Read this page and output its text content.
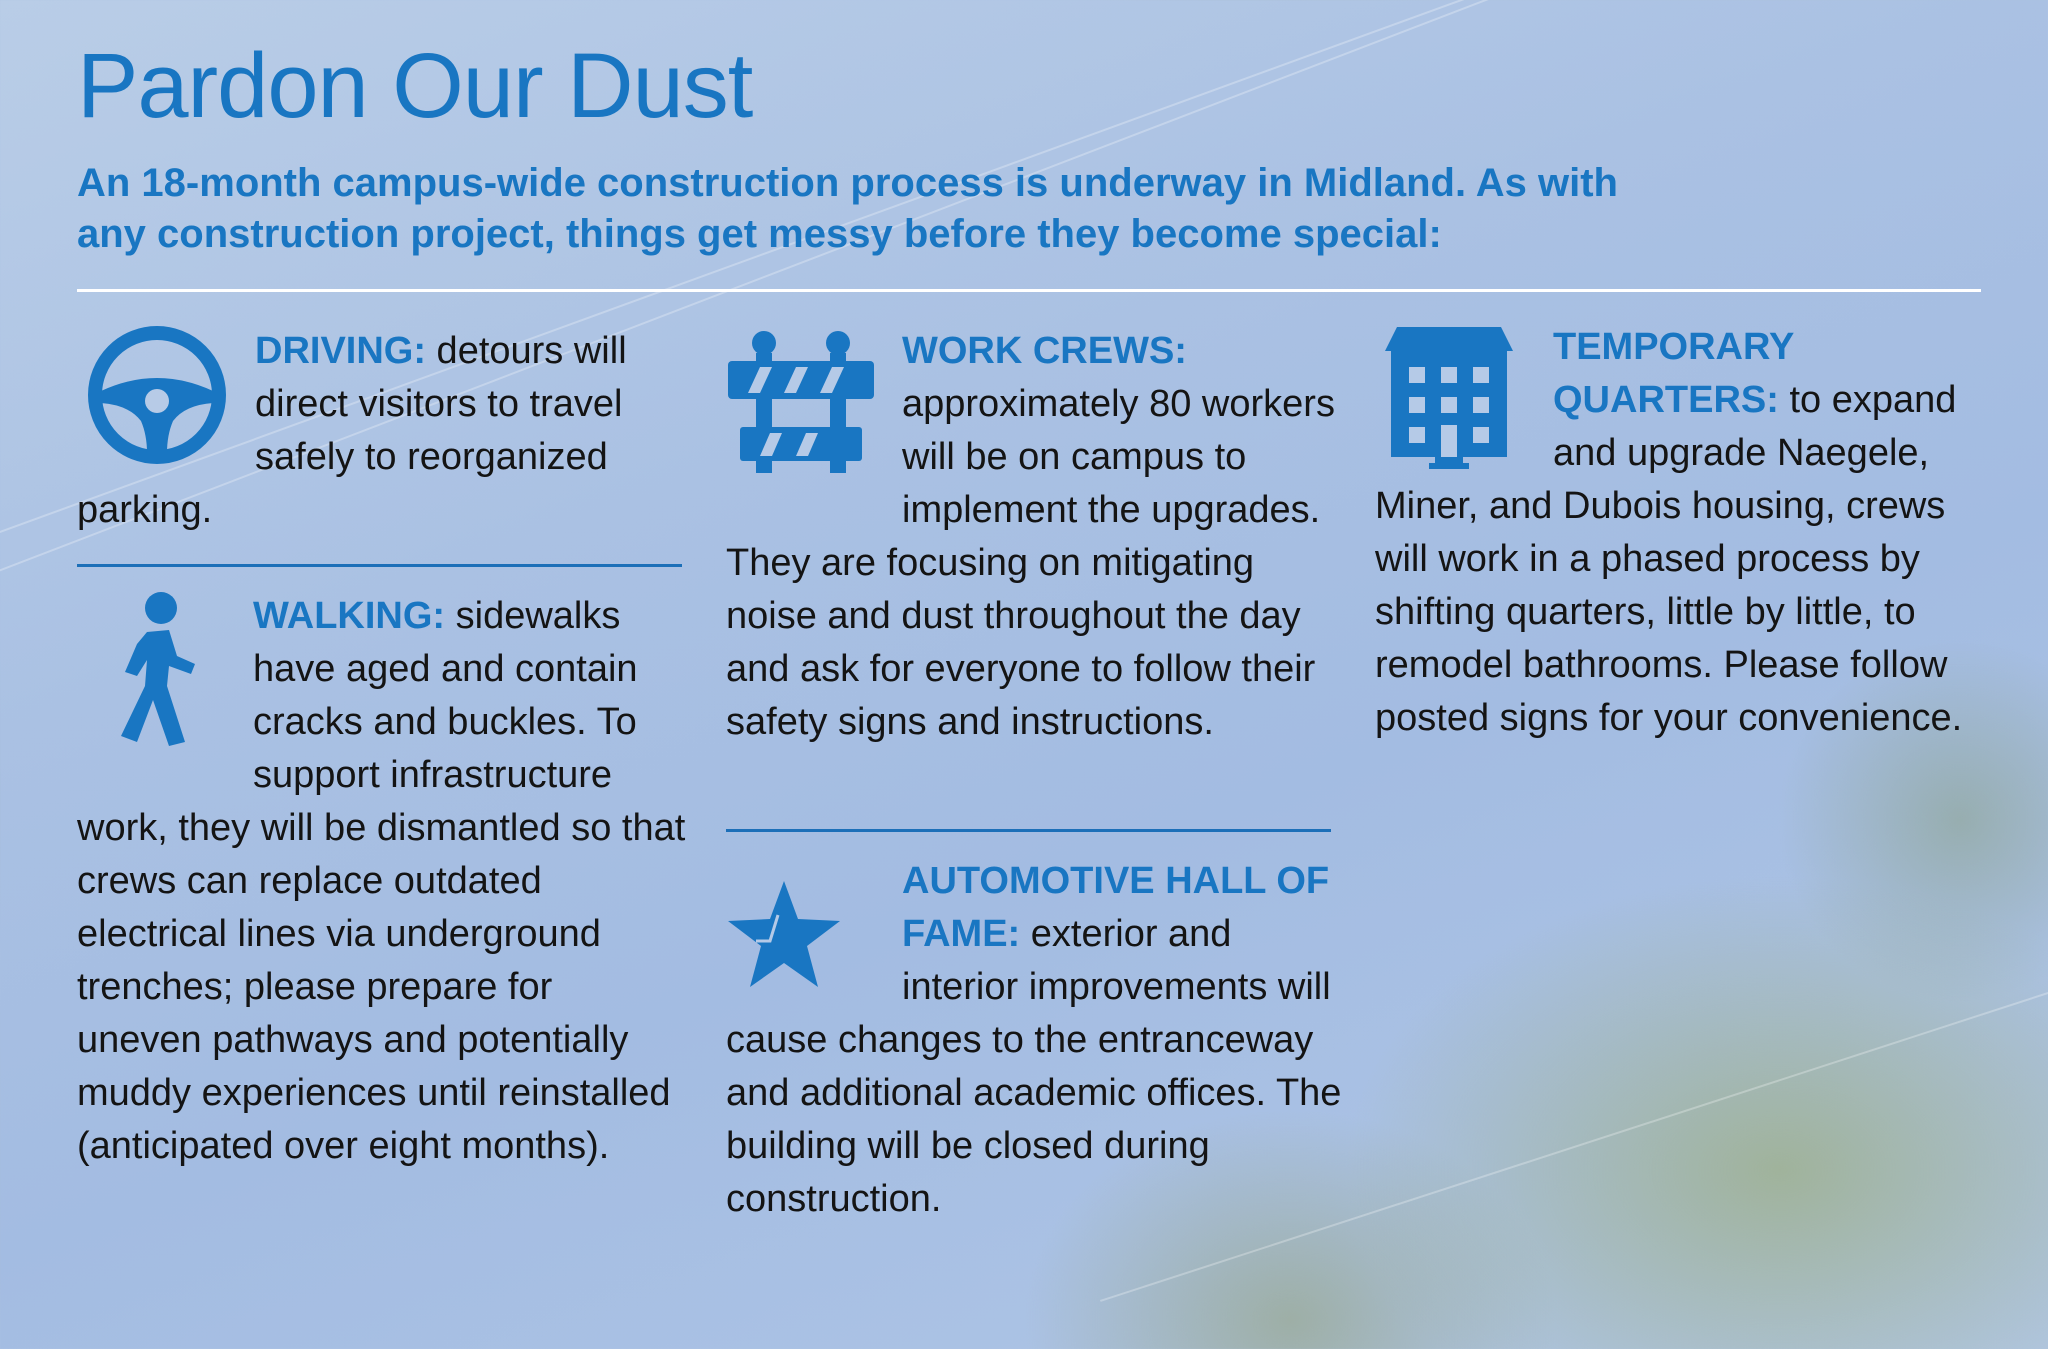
Pardon Our Dust

An 18-month campus-wide construction process is underway in Midland. As with any construction project, things get messy before they become special:

DRIVING: detours will direct visitors to travel safely to reorganized parking.
WALKING: sidewalks have aged and contain cracks and buckles. To support infrastructure work, they will be dismantled so that crews can replace outdated electrical lines via underground trenches; please prepare for uneven pathways and potentially muddy experiences until reinstalled (anticipated over eight months).
WORK CREWS: approximately 80 workers will be on campus to implement the upgrades. They are focusing on mitigating noise and dust throughout the day and ask for everyone to follow their safety signs and instructions.
AUTOMOTIVE HALL OF FAME: exterior and interior improvements will cause changes to the entranceway and additional academic offices. The building will be closed during construction.
TEMPORARY QUARTERS: to expand and upgrade Naegele, Miner, and Dubois housing, crews will work in a phased process by shifting quarters, little by little, to remodel bathrooms. Please follow posted signs for your convenience.
